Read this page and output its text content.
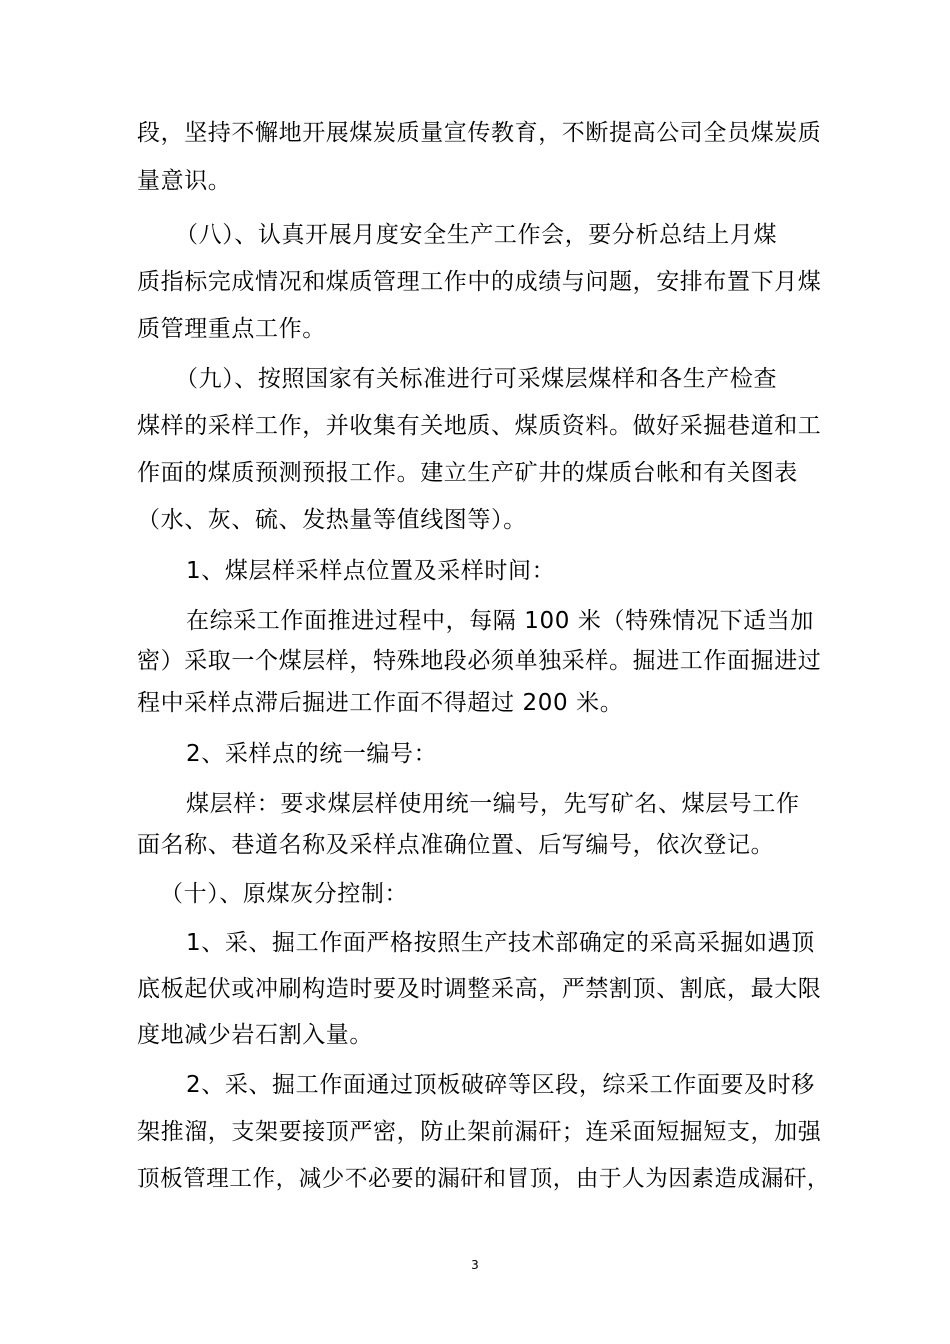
段，坚持不懈地开展煤炭质量宣传教育，不断提高公司全员煤炭质
量意识。
（八）、认真开展月度安全生产工作会，要分析总结上月煤
质指标完成情况和煤质管理工作中的成绩与问题，安排布置下月煤
质管理重点工作。
（九）、按照国家有关标准进行可采煤层煤样和各生产检查
煤样的采样工作，并收集有关地质、煤质资料。做好采掘巷道和工
作面的煤质预测预报工作。建立生产矿井的煤质台帐和有关图表
（水、灰、硫、发热量等值线图等）。
1、煤层样采样点位置及采样时间：
在综采工作面推进过程中，每隔 100 米（特殊情况下适当加
密）采取一个煤层样，特殊地段必须单独采样。掘进工作面掘进过
程中采样点滞后掘进工作面不得超过 200 米。
2、采样点的统一编号：
煤层样：要求煤层样使用统一编号，先写矿名、煤层号工作
面名称、巷道名称及采样点准确位置、后写编号，依次登记。
（十）、原煤灰分控制：
1、采、掘工作面严格按照生产技术部确定的采高采掘如遇顶
底板起伏或冲刷构造时要及时调整采高，严禁割顶、割底，最大限
度地减少岩石割入量。
2、采、掘工作面通过顶板破碎等区段，综采工作面要及时移
架推溜，支架要接顶严密，防止架前漏矸；连采面短掘短支，加强
顶板管理工作，减少不必要的漏矸和冒顶，由于人为因素造成漏矸，
3
